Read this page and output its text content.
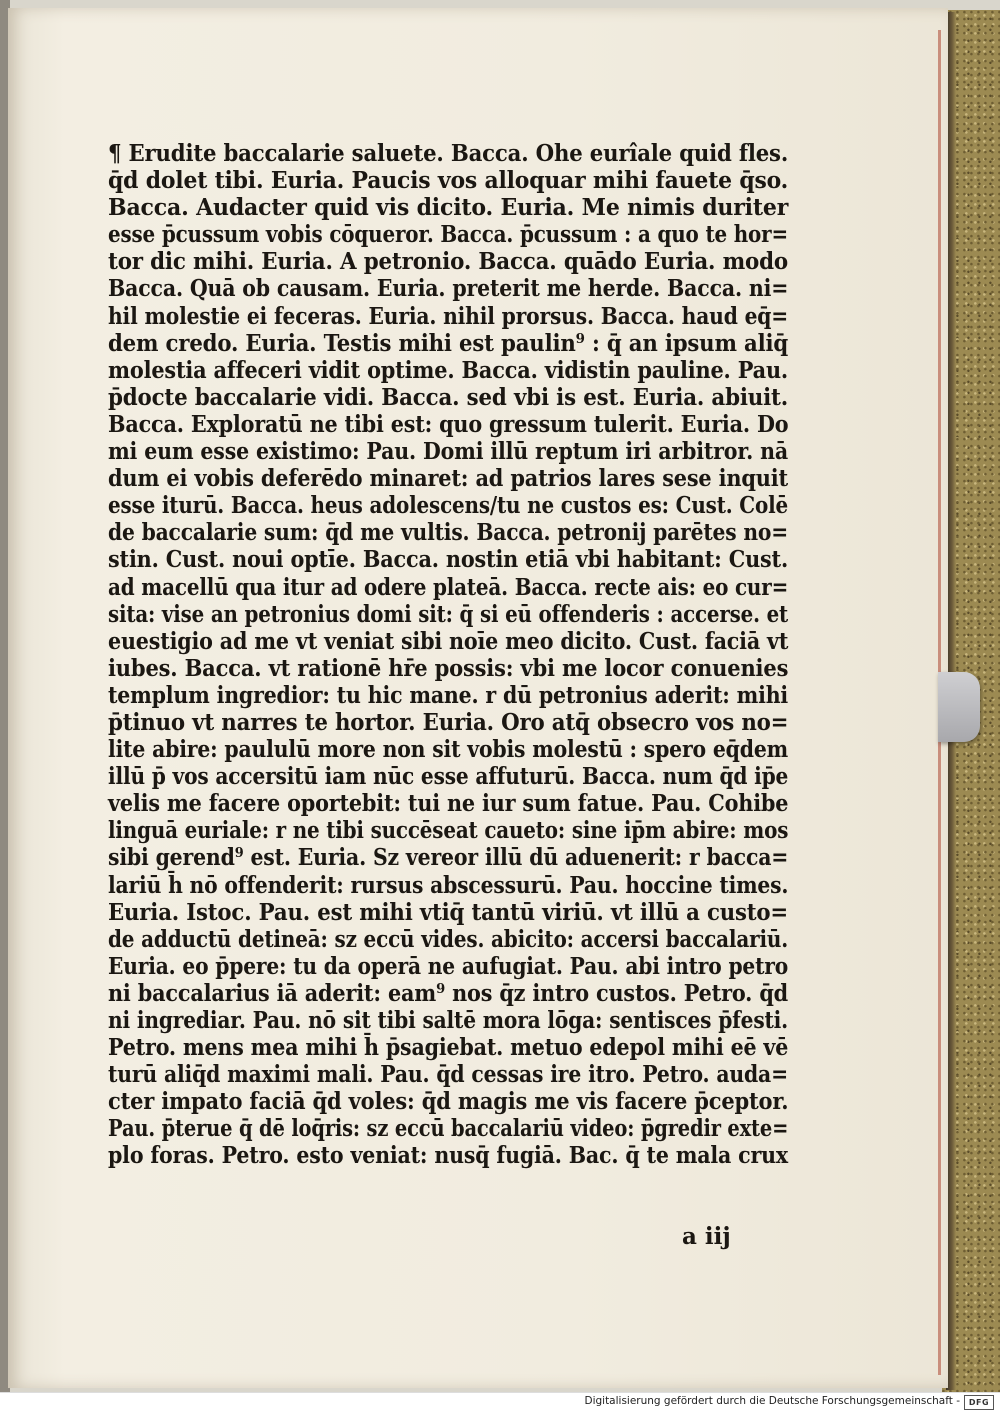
¶ Erudite baccalarie saluete. Bacca. Ohe eurîale quid fles.
q̄d dolet tibi. Euria. Paucis vos alloquar mihi fauete q̄so.
Bacca. Audacter quid vis dicito. Euria. Me nimis duriter
esse p̄cussum vobis cōqueror. Bacca. p̄cussum : a quo te hor=
tor dic mihi. Euria. A petronio. Bacca. quādo Euria. modo
Bacca. Quā ob causam. Euria. preterit me herde. Bacca. ni=
hil molestie ei feceras. Euria. nihil prorsus. Bacca. haud eq̄=
dem credo. Euria. Testis mihi est paulin⁹ : q̄ an ipsum aliq̄
molestia affeceri vidit optime. Bacca. vidistin pauline. Pau.
p̄docte baccalarie vidi. Bacca. sed vbi is est. Euria. abiuit.
Bacca. Exploratū ne tibi est: quo gressum tulerit. Euria. Do
mi eum esse existimo: Pau. Domi illū reptum iri arbitror. nā
dum ei vobis deferēdo minaret: ad patrios lares sese inquit
esse iturū. Bacca. heus adolescens/tu ne custos es: Cust. Colē
de baccalarie sum: q̄d me vultis. Bacca. petronij parētes no=
stin. Cust. noui optīe. Bacca. nostin etiā vbi habitant: Cust.
ad macellū qua itur ad odere plateā. Bacca. recte ais: eo cur=
sita: vise an petronius domi sit: q̄ si eū offenderis : accerse. et
euestigio ad me vt veniat sibi noīe meo dicito. Cust. faciā vt
iubes. Bacca. vt rationē hr̄e possis: vbi me locor conuenies
templum ingredior: tu hic mane. r dū petronius aderit: mihi
p̄tinuo vt narres te hortor. Euria. Oro atq̄ obsecro vos no=
lite abire: paululū more non sit vobis molestū : spero eq̄dem
illū p̄ vos accersitū iam nūc esse affuturū. Bacca. num q̄d ip̄e
velis me facere oportebit: tui ne iur sum fatue. Pau. Cohibe
linguā euriale: r ne tibi succēseat caueto: sine ip̄m abire: mos
sibi gerend⁹ est. Euria. Sz vereor illū dū aduenerit: r bacca=
lariū h̄ nō offenderit: rursus abscessurū. Pau. hoccine times.
Euria. Istoc. Pau. est mihi vtiq̄ tantū viriū. vt illū a custo=
de adductū detineā: sz eccū vides. abicito: accersi baccalariū.
Euria. eo p̄pere: tu da operā ne aufugiat. Pau. abi intro petro
ni baccalarius iā aderit: eam⁹ nos q̄z intro custos. Petro. q̄d
ni ingrediar. Pau. nō sit tibi saltē mora lōga: sentisces p̄festi.
Petro. mens mea mihi h̄ p̄sagiebat. metuo edepol mihi eē vē
turū aliq̄d maximi mali. Pau. q̄d cessas ire itro. Petro. auda=
cter impato faciā q̄d voles: q̄d magis me vis facere p̄ceptor.
Pau. p̄terue q̄ dē loq̄ris: sz eccū baccalariū video: p̄gredir exte=
plo foras. Petro. esto veniat: nusq̄ fugiā. Bac. q̄ te mala crux
a iij
Digitalisierung gefördert durch die Deutsche Forschungsgemeinschaft -	DFG
